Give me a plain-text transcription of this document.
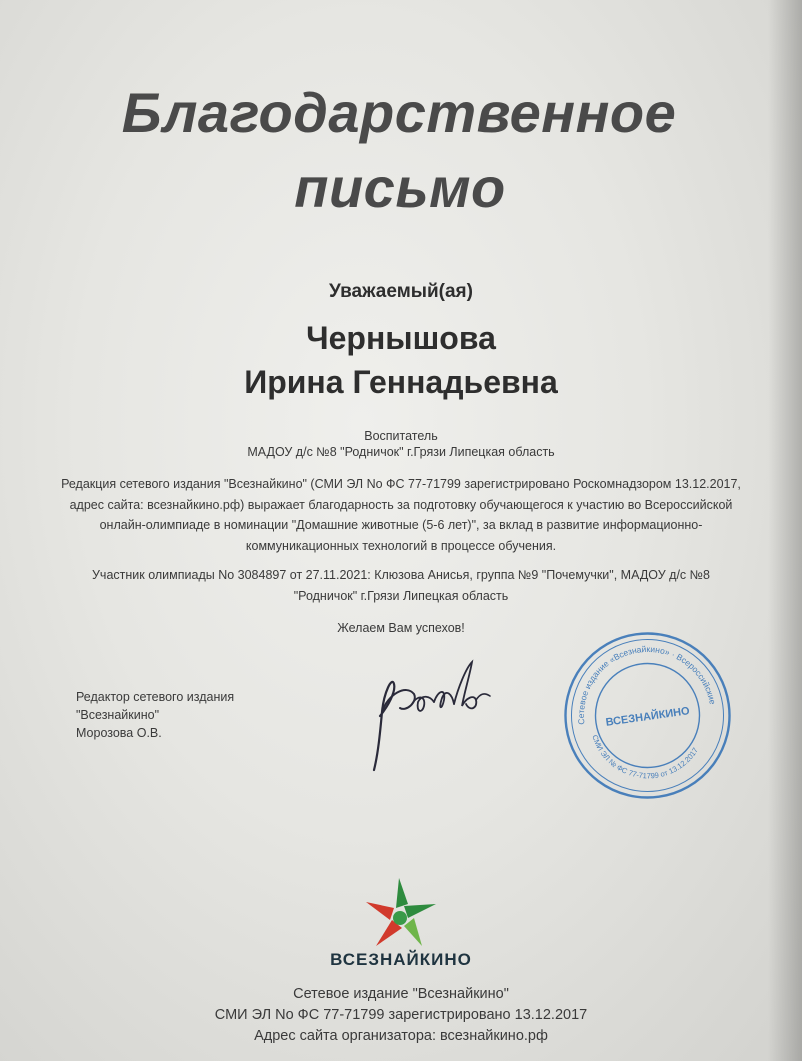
Благодарственное
письмо
Уважаемый(ая)
Чернышова
Ирина Геннадьевна
Воспитатель
МАДОУ д/с №8 "Родничок" г.Грязи Липецкая область
Редакция сетевого издания "Всезнайкино" (СМИ ЭЛ No ФС 77-71799 зарегистрировано Роскомнадзором 13.12.2017, адрес сайта: всезнайкино.рф) выражает благодарность за подготовку обучающегося к участию во Всероссийской онлайн-олимпиаде в номинации "Домашние животные (5-6 лет)", за вклад в развитие информационно-коммуникационных технологий в процессе обучения.
Участник олимпиады No 3084897 от 27.11.2021: Клюзова Анисья, группа №9 "Почемучки", МАДОУ д/с №8 "Родничок" г.Грязи Липецкая область
Желаем Вам успехов!
Редактор сетевого издания
"Всезнайкино"
Морозова О.В.
Сетевое издание «Всезнайкино» · Всероссийские
ВСЕЗНАЙКИНО
СМИ ЭЛ № ФС 77-71799 от 13.12.2017
ВСЕЗНАЙКИНО
Сетевое издание "Всезнайкино"
СМИ ЭЛ No ФС 77-71799 зарегистрировано 13.12.2017
Адрес сайта организатора: всезнайкино.рф
